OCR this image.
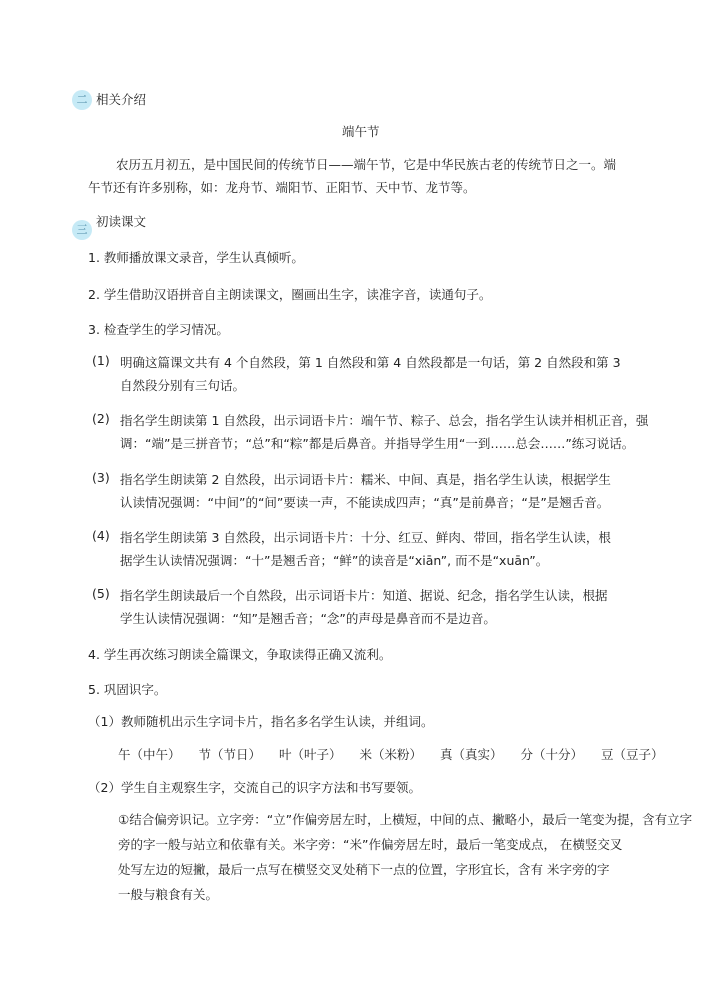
二 相关介绍
端午节
农历五月初五，是中国民间的传统节日——端午节，它是中华民族古老的传统节日之一。端
午节还有许多别称，如：龙舟节、端阳节、正阳节、天中节、龙节等。
三
初读课文
1. 教师播放课文录音，学生认真倾听。
2. 学生借助汉语拼音自主朗读课文，圈画出生字，读准字音，读通句子。
3. 检查学生的学习情况。
(1) 明确这篇课文共有 4 个自然段，第 1 自然段和第 4 自然段都是一句话，第 2 自然段和第 3
自然段分别有三句话。
(2) 指名学生朗读第 1 自然段，出示词语卡片：端午节、粽子、总会，指名学生认读并相机正音，强
调：“端”是三拼音节；“总”和“粽”都是后鼻音。并指导学生用“一到……总会……”练习说话。
(3) 指名学生朗读第 2 自然段，出示词语卡片：糯米、中间、真是，指名学生认读，根据学生
认读情况强调：“中间”的“间”要读一声，不能读成四声；“真”是前鼻音；“是”是翘舌音。
(4) 指名学生朗读第 3 自然段，出示词语卡片：十分、红豆、鲜肉、带回，指名学生认读，根
据学生认读情况强调：“十”是翘舌音；“鲜”的读音是“xiān”, 而不是“xuān”。
(5) 指名学生朗读最后一个自然段，出示词语卡片：知道、据说、纪念，指名学生认读，根据
学生认读情况强调：“知”是翘舌音；“念”的声母是鼻音而不是边音。
4. 学生再次练习朗读全篇课文，争取读得正确又流利。
5. 巩固识字。
（1）教师随机出示生字词卡片，指名多名学生认读，并组词。
午（中午） 节（节日） 叶（叶子） 米（米粉） 真（真实） 分（十分） 豆（豆子）
（2）学生自主观察生字，交流自己的识字方法和书写要领。
①结合偏旁识记。立字旁：“立”作偏旁居左时，上横短，中间的点、撇略小，最后一笔变为提，含有立字
旁的字一般与站立和依靠有关。米字旁：“米”作偏旁居左时，最后一笔变成点， 在横竖交叉
处写左边的短撇，最后一点写在横竖交叉处稍下一点的位置，字形宜长，含有 米字旁的字
一般与粮食有关。
